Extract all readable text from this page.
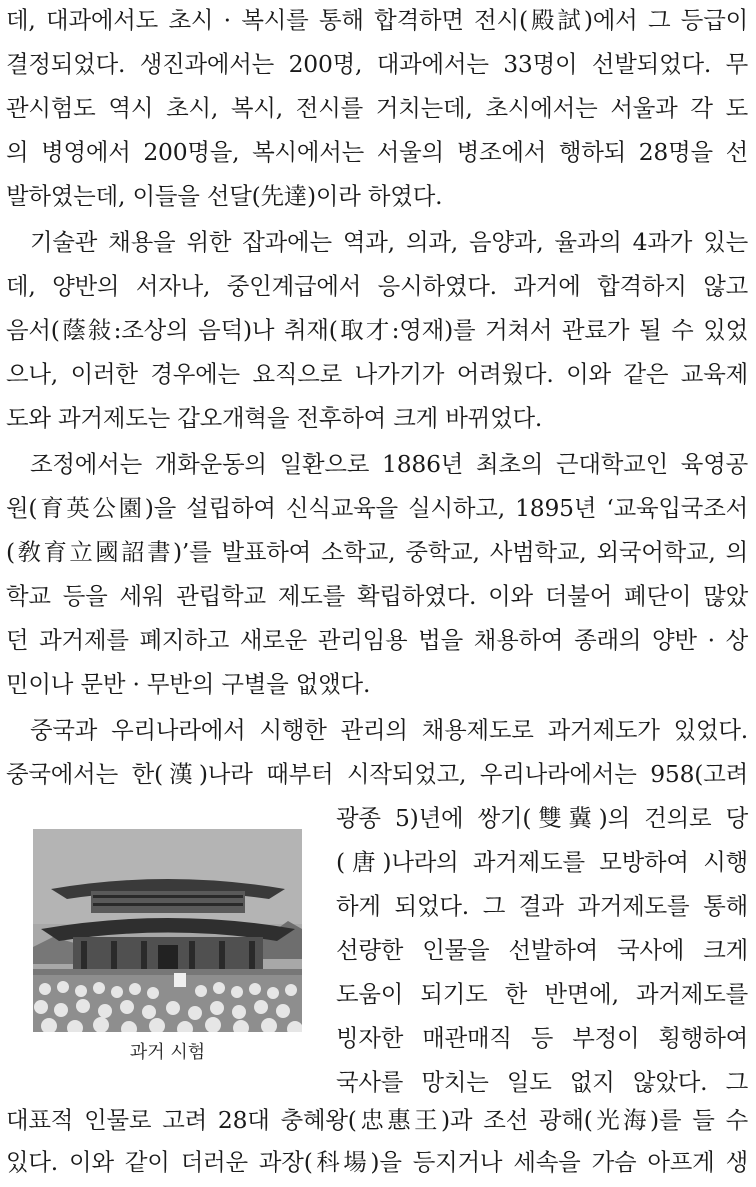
데, 대과에서도 초시 · 복시를 통해 합격하면 전시(殿試)에서 그 등급이
결정되었다. 생진과에서는 200명, 대과에서는 33명이 선발되었다. 무
관시험도 역시 초시, 복시, 전시를 거치는데, 초시에서는 서울과 각 도
의 병영에서 200명을, 복시에서는 서울의 병조에서 행하되 28명을 선
발하였는데, 이들을 선달(先達)이라 하였다.
기술관 채용을 위한 잡과에는 역과, 의과, 음양과, 율과의 4과가 있는
데, 양반의 서자나, 중인계급에서 응시하였다. 과거에 합격하지 않고
음서(蔭敍:조상의 음덕)나 취재(取才:영재)를 거쳐서 관료가 될 수 있었
으나, 이러한 경우에는 요직으로 나가기가 어려웠다. 이와 같은 교육제
도와 과거제도는 갑오개혁을 전후하여 크게 바뀌었다.
조정에서는 개화운동의 일환으로 1886년 최초의 근대학교인 육영공
원(育英公園)을 설립하여 신식교육을 실시하고, 1895년 ‘교육입국조서
(敎育立國詔書)’를 발표하여 소학교, 중학교, 사범학교, 외국어학교, 의
학교 등을 세워 관립학교 제도를 확립하였다. 이와 더불어 폐단이 많았
던 과거제를 폐지하고 새로운 관리임용 법을 채용하여 종래의 양반 · 상
민이나 문반 · 무반의 구별을 없앴다.
중국과 우리나라에서 시행한 관리의 채용제도로 과거제도가 있었다.
중국에서는 한(漢)나라 때부터 시작되었고, 우리나라에서는 958(고려
광종 5)년에 쌍기(雙冀)의 건의로 당
(唐)나라의 과거제도를 모방하여 시행
하게 되었다. 그 결과 과거제도를 통해
선량한 인물을 선발하여 국사에 크게
도움이 되기도 한 반면에, 과거제도를
빙자한 매관매직 등 부정이 횡행하여
국사를 망치는 일도 없지 않았다. 그
대표적 인물로 고려 28대 충혜왕(忠惠王)과 조선 광해(光海)를 들 수
있다. 이와 같이 더러운 과장(科場)을 등지거나 세속을 가슴 아프게 생
과거 시험
